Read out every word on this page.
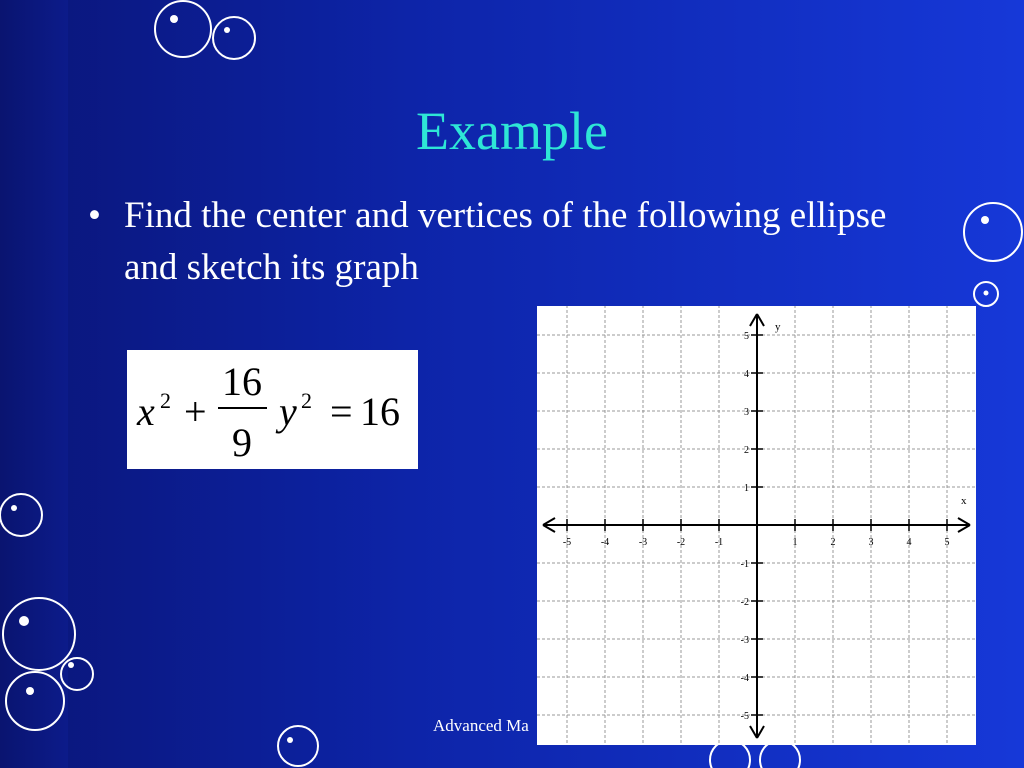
Example
• Find the center and vertices of the following ellipse and sketch its graph
x 2 +
16
9
y 2 = 16
-5	-4	-3	-2	-1	1	2	3	4	5
5
4
3
2
1
-1
-2
-3
-4
-5
y
x
Advanced Ma
